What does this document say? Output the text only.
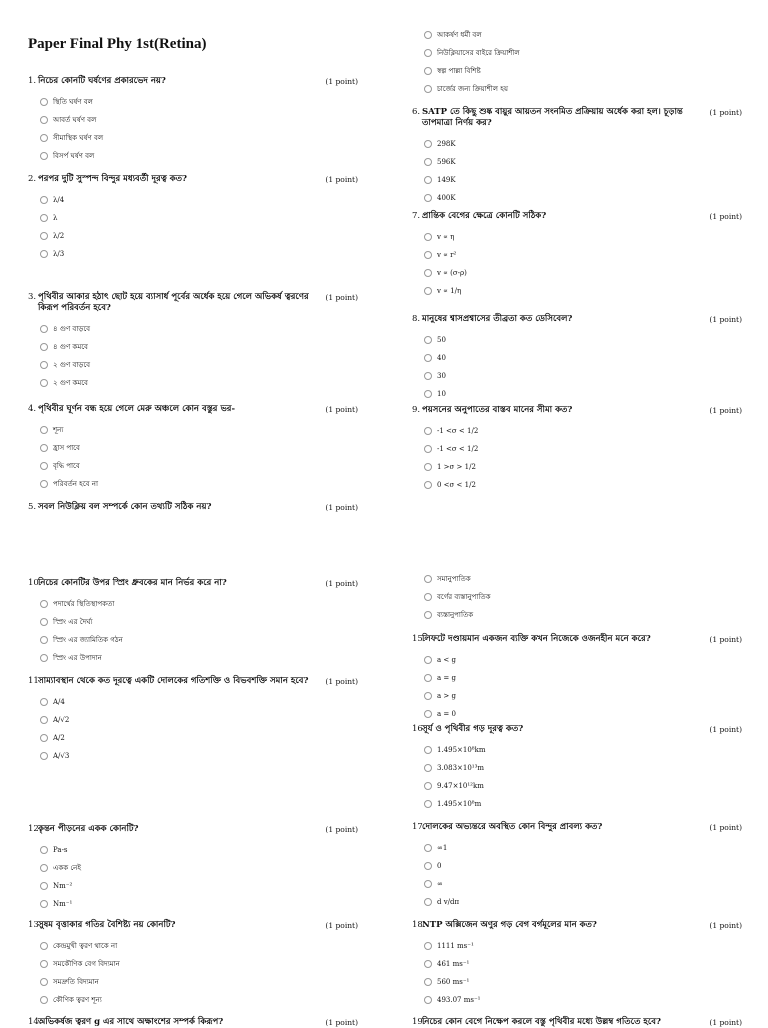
Paper Final Phy 1st(Retina)
1. নিচের কোনটি ঘর্ষণের প্রকারভেদ নয়?	(1 point)
স্থিতি ঘর্ষণ বল
আবর্ত ঘর্ষণ বল
সীমাস্থিক ঘর্ষণ বল
বিসর্প ঘর্ষণ বল
2. পরপর দুটি সুস্পন্দ বিন্দুর মধ্যবর্তী দূরত্ব কত?	(1 point)
λ/4
λ
λ/2
λ/3
3. পৃথিবীর আকার হঠাৎ ছোট হয়ে ব্যাসার্ধ পূর্বের অর্ধেক হয়ে গেলে অভিকর্ষ ত্বরণের কিরূপ পরিবর্তন হবে?
(1 point)
৪ গুণ বাড়বে
৪ গুণ কমবে
২ গুণ বাড়বে
২ গুণ কমবে
4. পৃথিবীর ঘূর্ণন বন্ধ হয়ে গেলে মেরু অঞ্চলে কোন বস্তুর ভর-	(1 point)
শূন্য
হ্রাস পাবে
বৃদ্ধি পাবে
পরিবর্তন হবে না
5. সবল নিউক্লিয় বল সম্পর্কে কোন তথ্যটি সঠিক নয়?	(1 point)
আকর্ষণ ধর্মী বল
নিউক্লিয়াসের বাইরে ক্রিয়াশীল
স্বল্প পাল্লা বিশিষ্ট
চার্জের জন্য ক্রিয়াশীল হয়
6. SATP তে কিছু শুষ্ক বায়ুর আয়তন সংনমিত প্রক্রিয়ায় অর্ধেক করা হল। চূড়ান্ত তাপমাত্রা নির্ণয় কর?
(1 point)
298K
596K
149K
400K
7. প্রান্তিক বেগের ক্ষেত্রে কোনটি সঠিক?	(1 point)
v ∝ η
v ∝ r²
v ∝ (σ-ρ)
v ∝ 1/η
8. মানুষের শ্বাসপ্রশ্বাসের তীব্রতা কত ডেসিবেল?	(1 point)
50
40
30
10
9. পয়সনের অনুপাতের বাস্তব মানের সীমা কত?	(1 point)
-1 <σ < 1/2
-1 <σ < 1/2
1 >σ > 1/2
0 <σ < 1/2
10.
নিচের কোনটির উপর স্প্রিং ধ্রুবকের মান নির্ভর করে না?	(1 point)
পদার্থের স্থিতিস্থাপকতা
স্প্রিং এর দৈর্ঘ্য
স্প্রিং এর জ্যামিতিক গঠন
স্প্রিং এর উপাদান
11.
সাম্যাবস্থান থেকে কত দূরত্বে একটি দোলকের গতিশক্তি ও বিভবশক্তি সমান হবে?	(1 point)
A/4
A/√2
A/2
A/√3
12.
কৃন্তন পীড়নের একক কোনটি?	(1 point)
Pa-s
একক নেই
Nm⁻²
Nm⁻¹
13.
সুষম বৃত্তাকার গতির বৈশিষ্ট্য নয় কোনটি?	(1 point)
কেন্দ্রমুখী ত্বরণ থাকে না
সমকৌণিক বেগ বিদ্যমান
সমদ্রুতি বিদ্যমান
কৌণিক ত্বরণ শূন্য
14.
অভিকর্ষজ ত্বরণ g এর সাথে অক্ষাংশের সম্পর্ক কিরূপ?	(1 point)
সমানুপাতিক
বর্গের ব্যস্তানুপাতিক
ব্যস্তানুপাতিক
15.
লিফটে দণ্ডায়মান একজন ব্যক্তি কখন নিজেকে ওজনহীন মনে করে?	(1 point)
a < g
a = g
a > g
a = 0
16.
সূর্য ও পৃথিবীর গড় দূরত্ব কত?	(1 point)
1.495×10⁸km
3.083×10¹³m
9.47×10¹²km
1.495×10⁸m
17.
দোলকের অভ্যন্তরে অবস্থিত কোন বিন্দুর প্রাবল্য কত?	(1 point)
∞1
0
∞
d v/dπ
18.
NTP অক্সিজেন অণুর গড় বেগ বর্গমূলের মান কত?	(1 point)
1111 ms⁻¹
461 ms⁻¹
560 ms⁻¹
493.07 ms⁻¹
19.
নিচের কোন বেগে নিক্ষেপ করলে বস্তু পৃথিবীর মধ্যে উল্লম্ব গতিতে হবে?	(1 point)
